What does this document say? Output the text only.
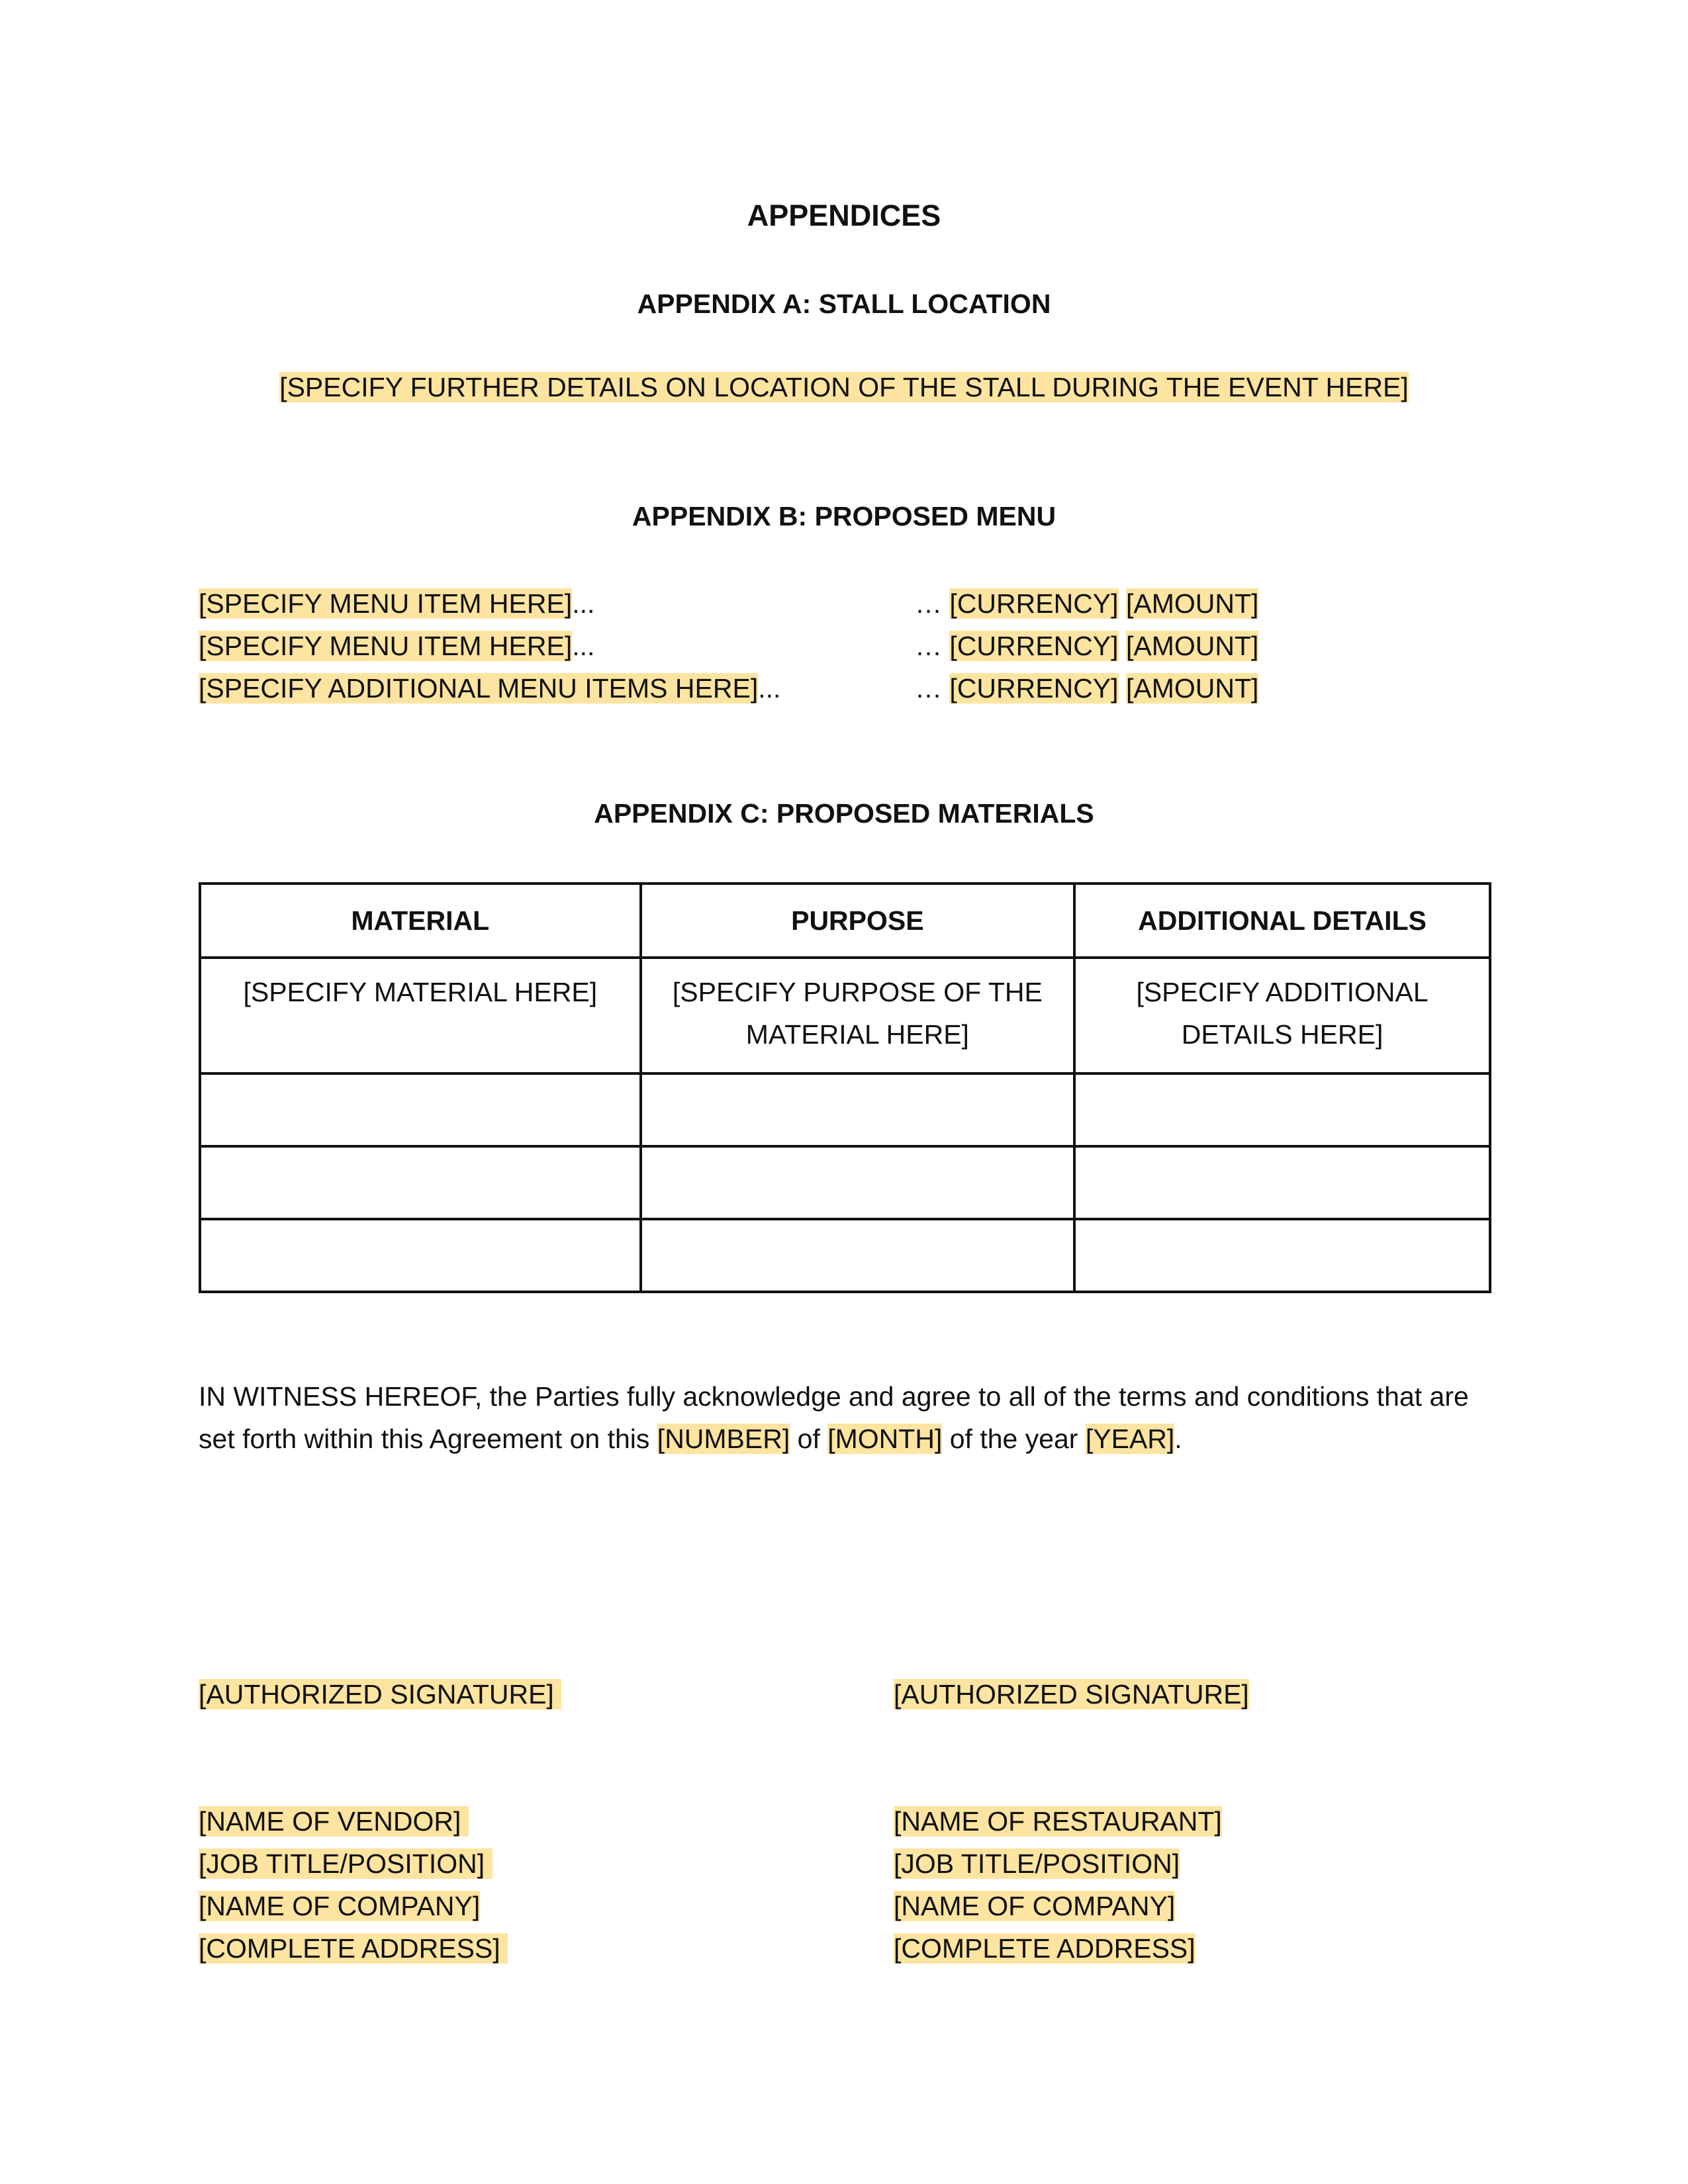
APPENDICES
APPENDIX A: STALL LOCATION
[SPECIFY FURTHER DETAILS ON LOCATION OF THE STALL DURING THE EVENT HERE]
APPENDIX B: PROPOSED MENU
[SPECIFY MENU ITEM HERE]...	… [CURRENCY] [AMOUNT]
[SPECIFY MENU ITEM HERE]...	… [CURRENCY] [AMOUNT]
[SPECIFY ADDITIONAL MENU ITEMS HERE]...	… [CURRENCY] [AMOUNT]
APPENDIX C: PROPOSED MATERIALS
MATERIAL	PURPOSE	ADDITIONAL DETAILS
[SPECIFY MATERIAL HERE]	[SPECIFY PURPOSE OF THE MATERIAL HERE]	[SPECIFY ADDITIONAL DETAILS HERE]

IN WITNESS HEREOF, the Parties fully acknowledge and agree to all of the terms and conditions that are set forth within this Agreement on this [NUMBER] of [MONTH] of the year [YEAR].
[AUTHORIZED SIGNATURE]	[AUTHORIZED SIGNATURE]
[NAME OF VENDOR]
[JOB TITLE/POSITION]
[NAME OF COMPANY]
[COMPLETE ADDRESS]
[NAME OF RESTAURANT]
[JOB TITLE/POSITION]
[NAME OF COMPANY]
[COMPLETE ADDRESS]
